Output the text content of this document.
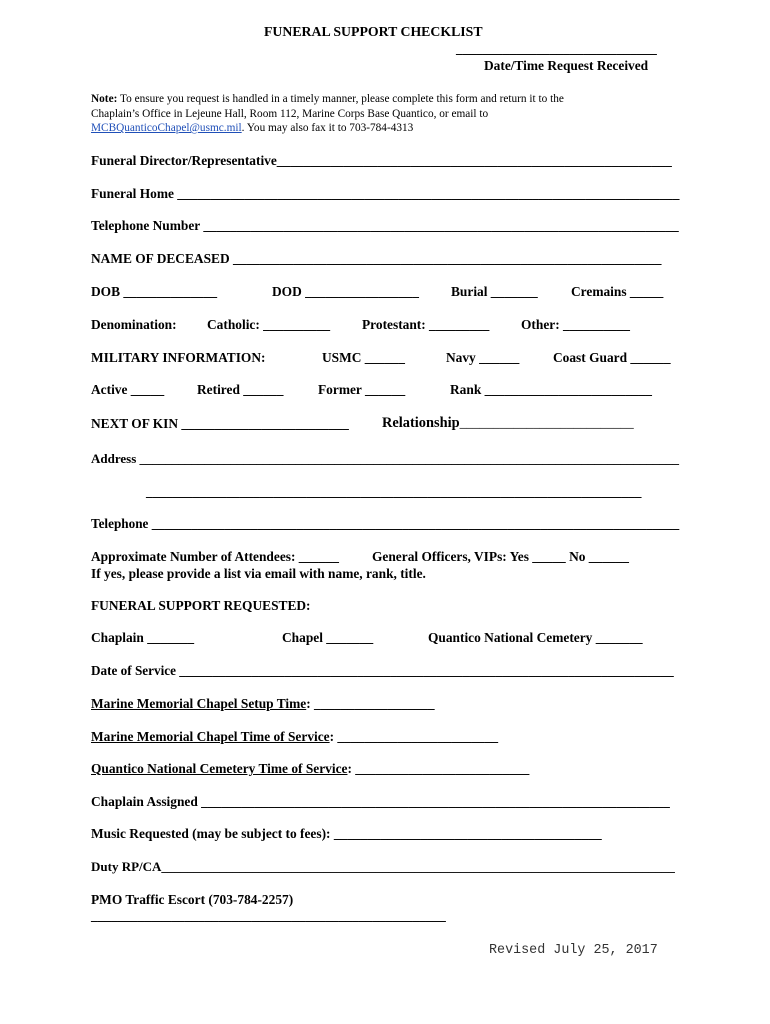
FUNERAL SUPPORT CHECKLIST
______________________________
Date/Time Request Received
Note: To ensure you request is handled in a timely manner, please complete this form and return it to the
Chaplain’s Office in Lejeune Hall, Room 112, Marine Corps Base Quantico, or email to
MCBQuanticoChapel@usmc.mil. You may also fax it to 703-784-4313
Funeral Director/Representative___________________________________________________________
Funeral Home ___________________________________________________________________________
Telephone Number _______________________________________________________________________
NAME OF DECEASED ________________________________________________________________
DOB ______________	DOD _________________ Burial _______ Cremains _____
Denomination: Catholic: __________ Protestant: _________ Other: __________
MILITARY INFORMATION:	USMC ______	Navy ______	Coast Guard ______
Active _____ Retired ______	Former ______	Rank _________________________
NEXT OF KIN _________________________ Relationship__________________________
Address ___________________________________________________________________________________
__________________________________________________________________________
Telephone ________________________________________________________________________________
Approximate Number of Attendees: ______ General Officers, VIPs: Yes _____ No ______
If yes, please provide a list via email with name, rank, title.
FUNERAL SUPPORT REQUESTED:
Chaplain _______	Chapel _______	Quantico National Cemetery _______
Date of Service ___________________________________________________________________________
Marine Memorial Chapel Setup Time: __________________
Marine Memorial Chapel Time of Service: ________________________
Quantico National Cemetery Time of Service: __________________________
Chaplain Assigned ______________________________________________________________________
Music Requested (may be subject to fees): ________________________________________
Duty RP/CA_______________________________________________________________________________
PMO Traffic Escort (703-784-2257)
_____________________________________________________
Revised July 25, 2017
